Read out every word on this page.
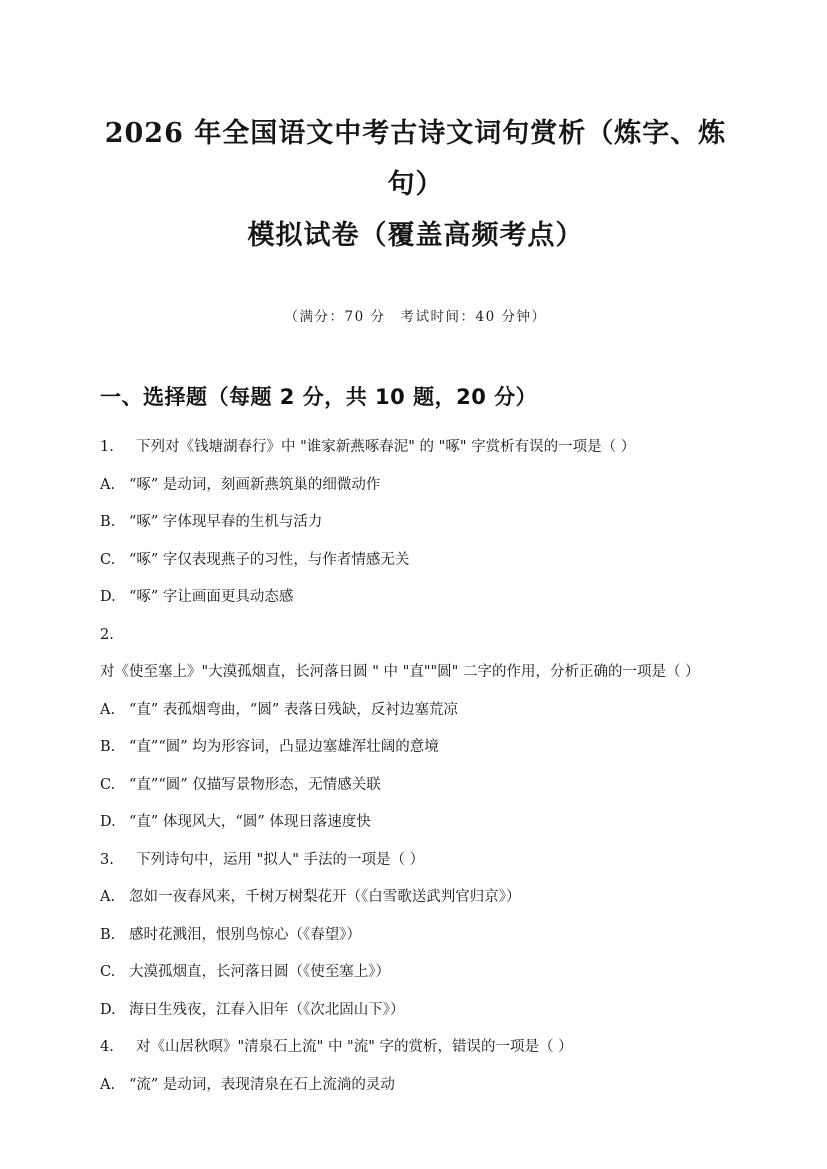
2026 年全国语文中考古诗文词句赏析（炼字、炼句）
模拟试卷（覆盖高频考点）
（满分：70 分　考试时间：40 分钟）
一、选择题（每题 2 分，共 10 题，20 分）
1. 下列对《钱塘湖春行》中 "谁家新燕啄春泥" 的 "啄" 字赏析有误的一项是（ ）
A. “啄” 是动词，刻画新燕筑巢的细微动作
B. “啄” 字体现早春的生机与活力
C. “啄” 字仅表现燕子的习性，与作者情感无关
D. “啄” 字让画面更具动态感
2.对《使至塞上》"大漠孤烟直，长河落日圆 " 中 "直""圆" 二字的作用，分析正确的一项是（ ）
A. “直” 表孤烟弯曲，“圆” 表落日残缺，反衬边塞荒凉
B. “直”“圆” 均为形容词，凸显边塞雄浑壮阔的意境
C. “直”“圆” 仅描写景物形态，无情感关联
D. “直” 体现风大，“圆” 体现日落速度快
3. 下列诗句中，运用 "拟人" 手法的一项是（ ）
A. 忽如一夜春风来，千树万树梨花开（《白雪歌送武判官归京》）
B. 感时花溅泪，恨别鸟惊心（《春望》）
C. 大漠孤烟直，长河落日圆（《使至塞上》）
D. 海日生残夜，江春入旧年（《次北固山下》）
4. 对《山居秋暝》"清泉石上流" 中 "流" 字的赏析，错误的一项是（ ）
A. “流” 是动词，表现清泉在石上流淌的灵动
